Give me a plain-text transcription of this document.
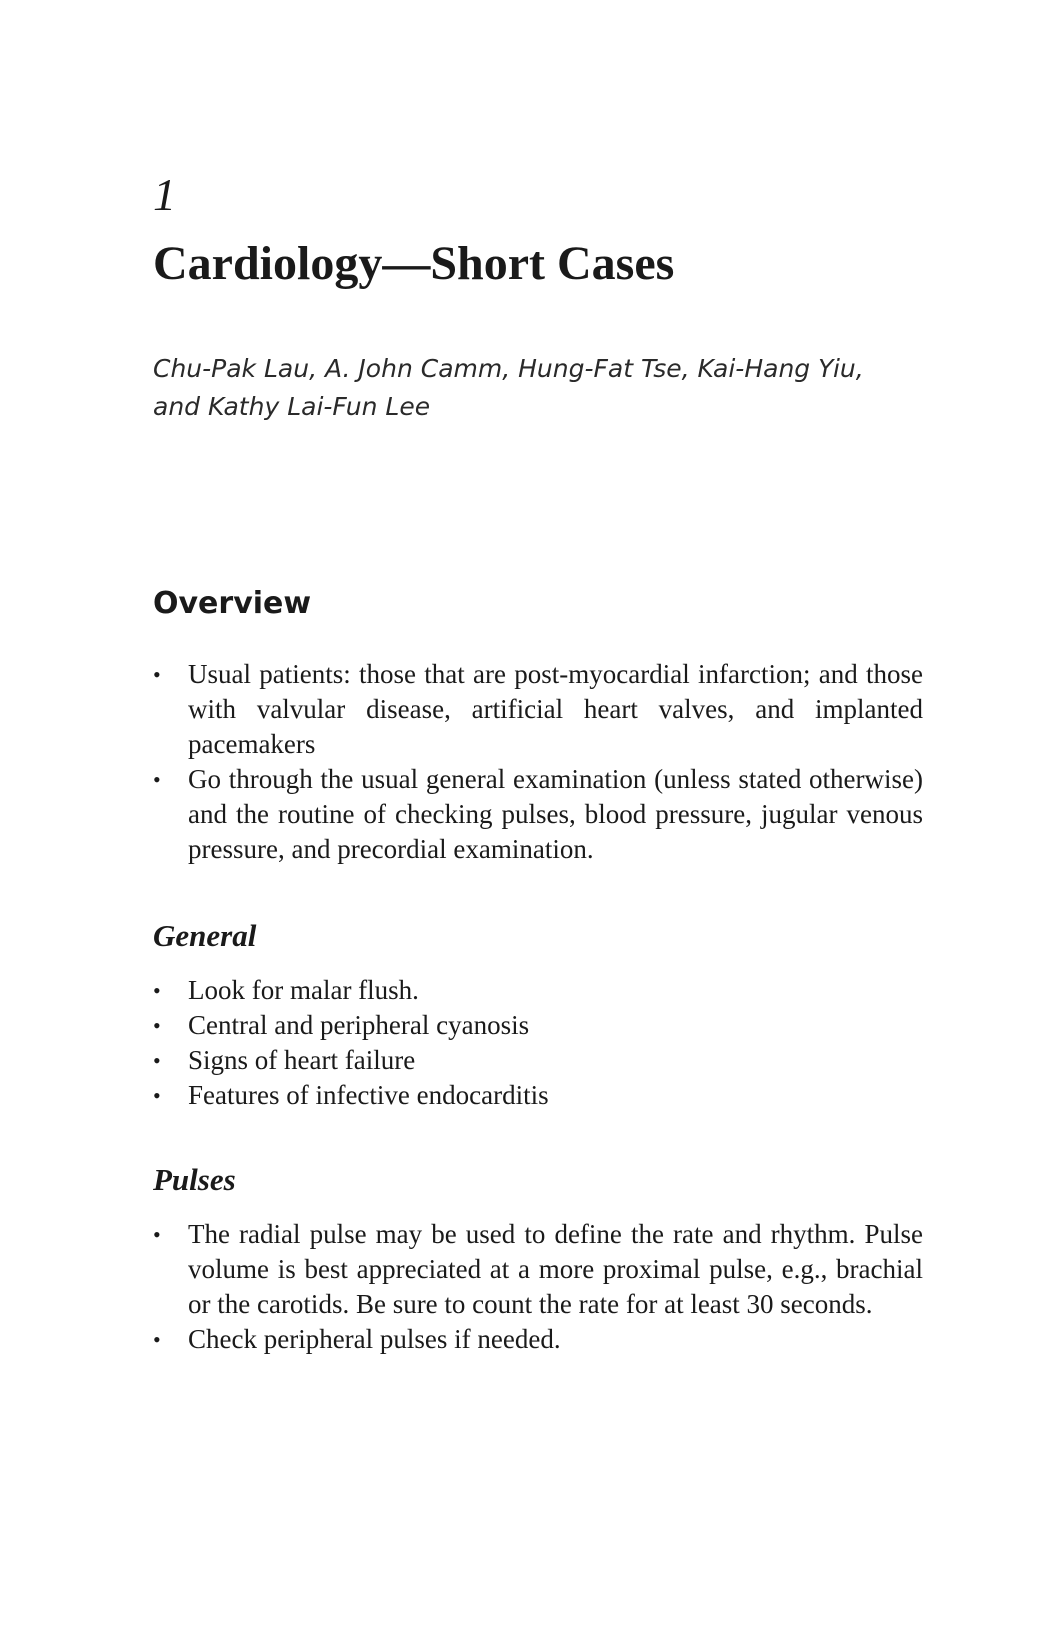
1
Cardiology—Short Cases

Chu-Pak Lau, A. John Camm, Hung-Fat Tse, Kai-Hang Yiu, and Kathy Lai-Fun Lee

Overview
•	Usual patients: those that are post-myocardial infarction; and those with valvular disease, artificial heart valves, and implanted pacemakers
•	Go through the usual general examination (unless stated otherwise) and the routine of checking pulses, blood pressure, jugular venous pressure, and precordial examination.
General
•	Look for malar flush.
•	Central and peripheral cyanosis
•	Signs of heart failure
•	Features of infective endocarditis
Pulses
•	The radial pulse may be used to define the rate and rhythm. Pulse volume is best appreciated at a more proximal pulse, e.g., brachial or the carotids. Be sure to count the rate for at least 30 seconds.
•	Check peripheral pulses if needed.
